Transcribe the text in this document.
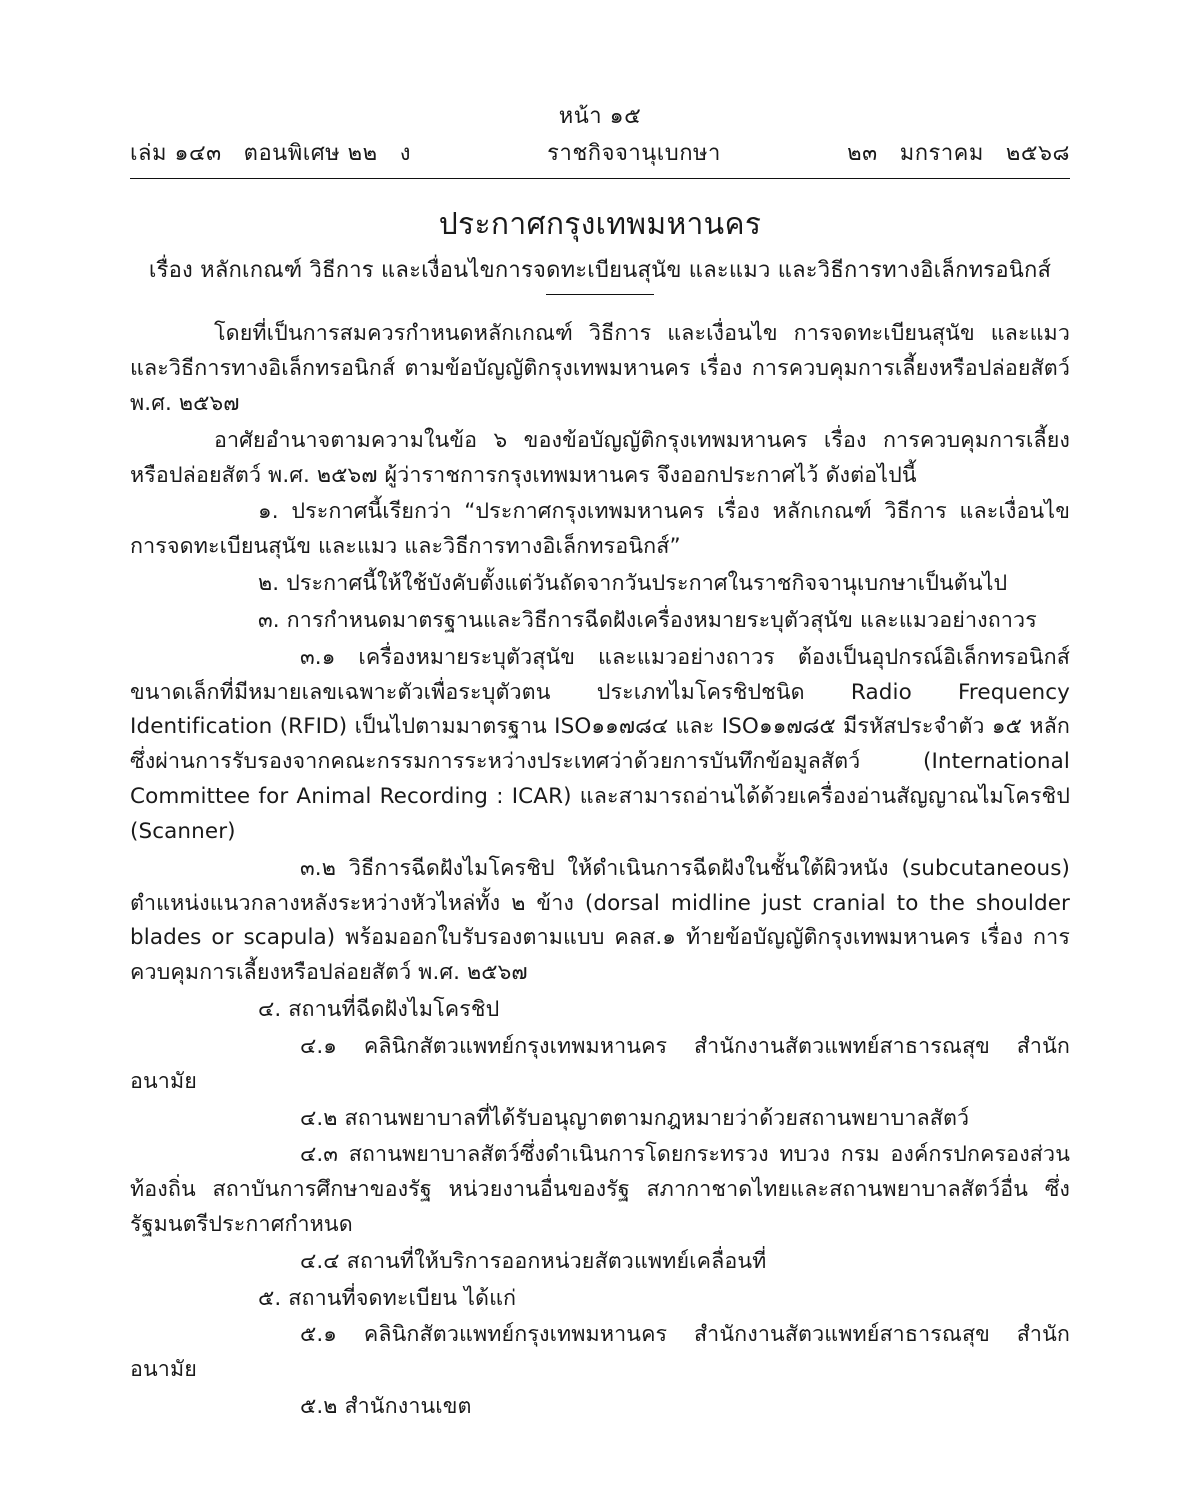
หน้า ๑๕
เล่ม ๑๔๓ ตอนพิเศษ ๒๒ ง	ราชกิจจานุเบกษา	๒๓ มกราคม ๒๕๖๘
ประกาศกรุงเทพมหานคร
เรื่อง หลักเกณฑ์ วิธีการ และเงื่อนไขการจดทะเบียนสุนัข และแมว และวิธีการทางอิเล็กทรอนิกส์

โดยที่เป็นการสมควรกำหนดหลักเกณฑ์ วิธีการ และเงื่อนไข การจดทะเบียนสุนัข และแมว และวิธีการทางอิเล็กทรอนิกส์ ตามข้อบัญญัติกรุงเทพมหานคร เรื่อง การควบคุมการเลี้ยงหรือปล่อยสัตว์ พ.ศ. ๒๕๖๗

อาศัยอำนาจตามความในข้อ ๖ ของข้อบัญญัติกรุงเทพมหานคร เรื่อง การควบคุมการเลี้ยงหรือปล่อยสัตว์ พ.ศ. ๒๕๖๗ ผู้ว่าราชการกรุงเทพมหานคร จึงออกประกาศไว้ ดังต่อไปนี้

๑. ประกาศนี้เรียกว่า “ประกาศกรุงเทพมหานคร เรื่อง หลักเกณฑ์ วิธีการ และเงื่อนไขการจดทะเบียนสุนัข และแมว และวิธีการทางอิเล็กทรอนิกส์”

๒. ประกาศนี้ให้ใช้บังคับตั้งแต่วันถัดจากวันประกาศในราชกิจจานุเบกษาเป็นต้นไป

๓. การกำหนดมาตรฐานและวิธีการฉีดฝังเครื่องหมายระบุตัวสุนัข และแมวอย่างถาวร

๓.๑ เครื่องหมายระบุตัวสุนัข และแมวอย่างถาวร ต้องเป็นอุปกรณ์อิเล็กทรอนิกส์ขนาดเล็กที่มีหมายเลขเฉพาะตัวเพื่อระบุตัวตน ประเภทไมโครชิปชนิด Radio Frequency Identification (RFID) เป็นไปตามมาตรฐาน ISO๑๑๗๘๔ และ ISO๑๑๗๘๕ มีรหัสประจำตัว ๑๕ หลัก ซึ่งผ่านการรับรองจากคณะกรรมการระหว่างประเทศว่าด้วยการบันทึกข้อมูลสัตว์ (International Committee for Animal Recording : ICAR) และสามารถอ่านได้ด้วยเครื่องอ่านสัญญาณไมโครชิป (Scanner)

๓.๒ วิธีการฉีดฝังไมโครชิป ให้ดำเนินการฉีดฝังในชั้นใต้ผิวหนัง (subcutaneous) ตำแหน่งแนวกลางหลังระหว่างหัวไหล่ทั้ง ๒ ข้าง (dorsal midline just cranial to the shoulder blades or scapula) พร้อมออกใบรับรองตามแบบ คลส.๑ ท้ายข้อบัญญัติกรุงเทพมหานคร เรื่อง การควบคุมการเลี้ยงหรือปล่อยสัตว์ พ.ศ. ๒๕๖๗

๔. สถานที่ฉีดฝังไมโครชิป

๔.๑ คลินิกสัตวแพทย์กรุงเทพมหานคร สำนักงานสัตวแพทย์สาธารณสุข สำนักอนามัย

๔.๒ สถานพยาบาลที่ได้รับอนุญาตตามกฎหมายว่าด้วยสถานพยาบาลสัตว์

๔.๓ สถานพยาบาลสัตว์ซึ่งดำเนินการโดยกระทรวง ทบวง กรม องค์กรปกครองส่วนท้องถิ่น สถาบันการศึกษาของรัฐ หน่วยงานอื่นของรัฐ สภากาชาดไทยและสถานพยาบาลสัตว์อื่น ซึ่งรัฐมนตรีประกาศกำหนด

๔.๔ สถานที่ให้บริการออกหน่วยสัตวแพทย์เคลื่อนที่

๕. สถานที่จดทะเบียน ได้แก่

๕.๑ คลินิกสัตวแพทย์กรุงเทพมหานคร สำนักงานสัตวแพทย์สาธารณสุข สำนักอนามัย

๕.๒ สำนักงานเขต
